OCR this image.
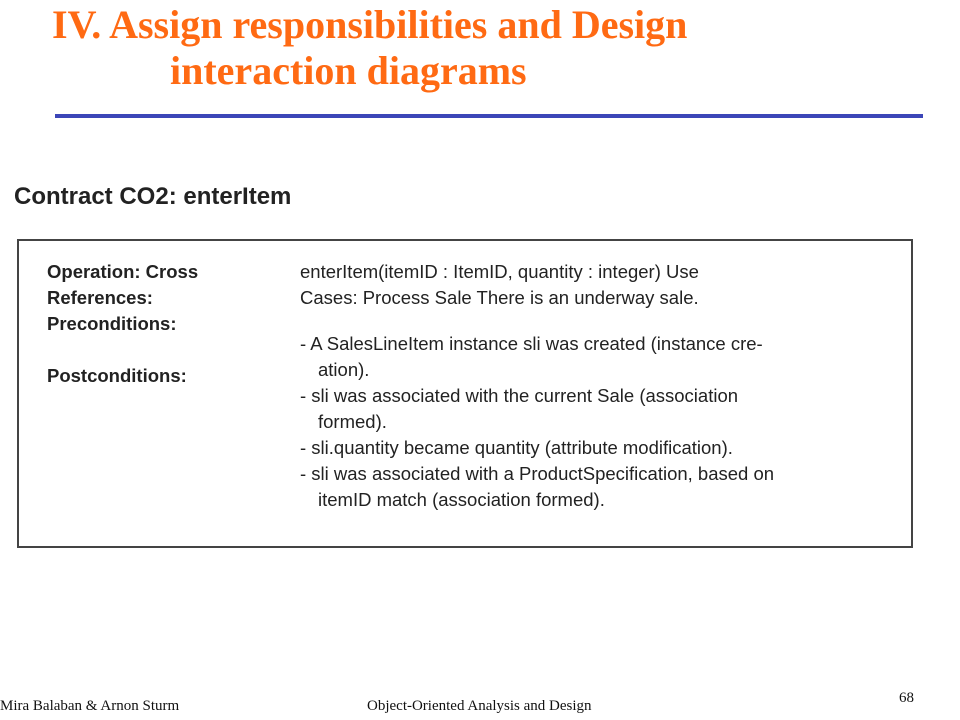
IV. Assign responsibilities and Design
interaction diagrams
Contract CO2: enterItem
Operation: Cross
References:
Preconditions:
Postconditions:
enterItem(itemID : ItemID, quantity : integer) Use
Cases: Process Sale There is an underway sale.
- A SalesLineItem instance sli was created (instance cre-
ation).
- sli was associated with the current Sale (association
formed).
- sli.quantity became quantity (attribute modification).
- sli was associated with a ProductSpecification, based on
itemID match (association formed).
Mira Balaban & Arnon Sturm	Object-Oriented Analysis and Design	68
